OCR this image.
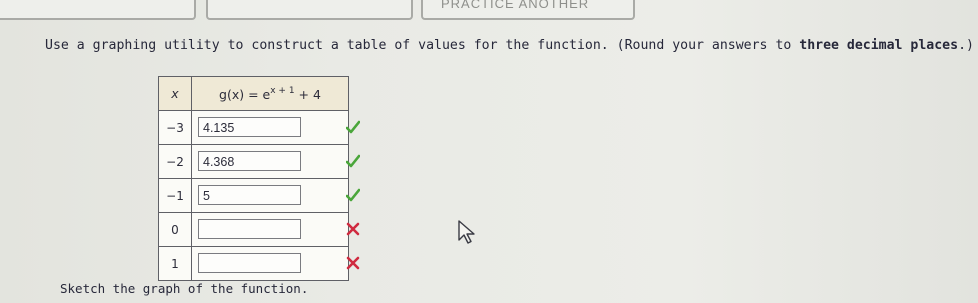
PRACTICE ANOTHER
Use a graphing utility to construct a table of values for the function. (Round your answers to three decimal places.)
x	$g(x) = e^{x + 1} + 4$
−3	4.135

−2	4.368

−1	5

0	

1	
Sketch the graph of the function.
